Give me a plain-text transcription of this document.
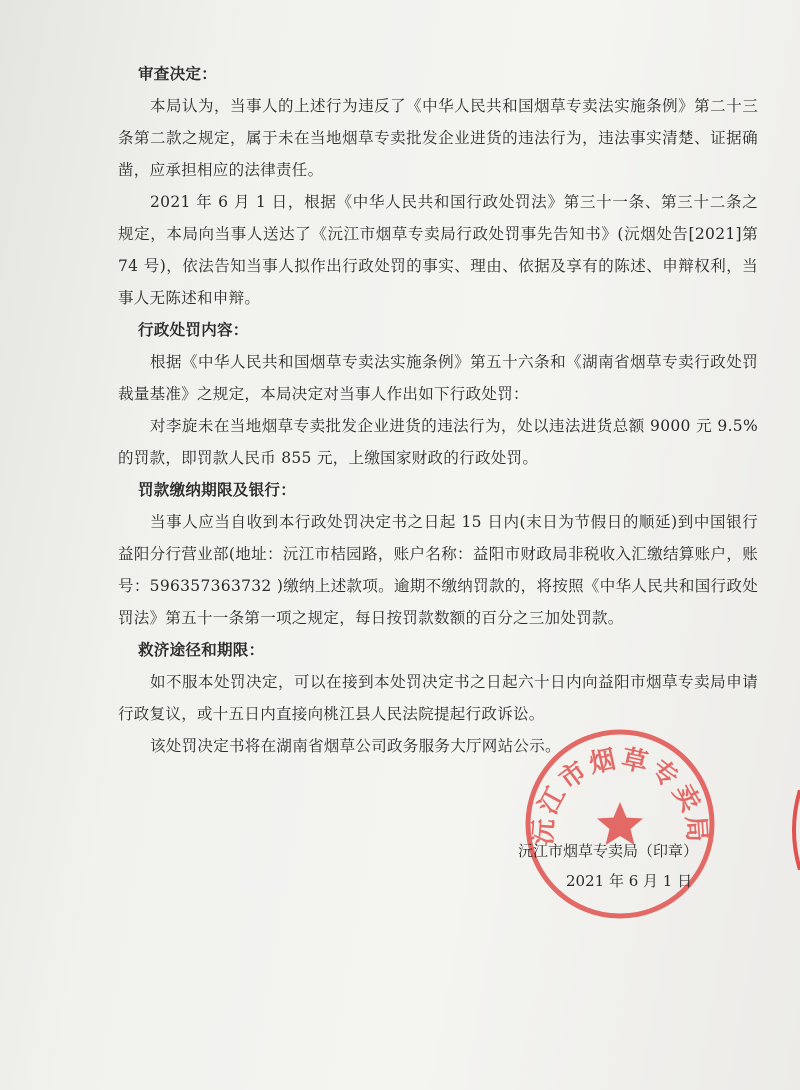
审查决定：

本局认为，当事人的上述行为违反了《中华人民共和国烟草专卖法实施条例》第二十三条第二款之规定，属于未在当地烟草专卖批发企业进货的违法行为，违法事实清楚、证据确凿，应承担相应的法律责任。

2021 年 6 月 1 日，根据《中华人民共和国行政处罚法》第三十一条、第三十二条之规定，本局向当事人送达了《沅江市烟草专卖局行政处罚事先告知书》(沅烟处告[2021]第 74 号)，依法告知当事人拟作出行政处罚的事实、理由、依据及享有的陈述、申辩权利，当事人无陈述和申辩。

行政处罚内容：

根据《中华人民共和国烟草专卖法实施条例》第五十六条和《湖南省烟草专卖行政处罚裁量基准》之规定，本局决定对当事人作出如下行政处罚：

对李旋未在当地烟草专卖批发企业进货的违法行为，处以违法进货总额 9000 元 9.5%的罚款，即罚款人民币 855 元，上缴国家财政的行政处罚。

罚款缴纳期限及银行：

当事人应当自收到本行政处罚决定书之日起 15 日内(末日为节假日的顺延)到中国银行益阳分行营业部(地址：沅江市桔园路，账户名称：益阳市财政局非税收入汇缴结算账户，账号：596357363732 )缴纳上述款项。逾期不缴纳罚款的，将按照《中华人民共和国行政处罚法》第五十一条第一项之规定，每日按罚款数额的百分之三加处罚款。

救济途径和期限：

如不服本处罚决定，可以在接到本处罚决定书之日起六十日内向益阳市烟草专卖局申请行政复议，或十五日内直接向桃江县人民法院提起行政诉讼。

该处罚决定书将在湖南省烟草公司政务服务大厅网站公示。

沅江市烟草专卖局
沅江市烟草专卖局（印章）
2021 年 6 月 1 日
